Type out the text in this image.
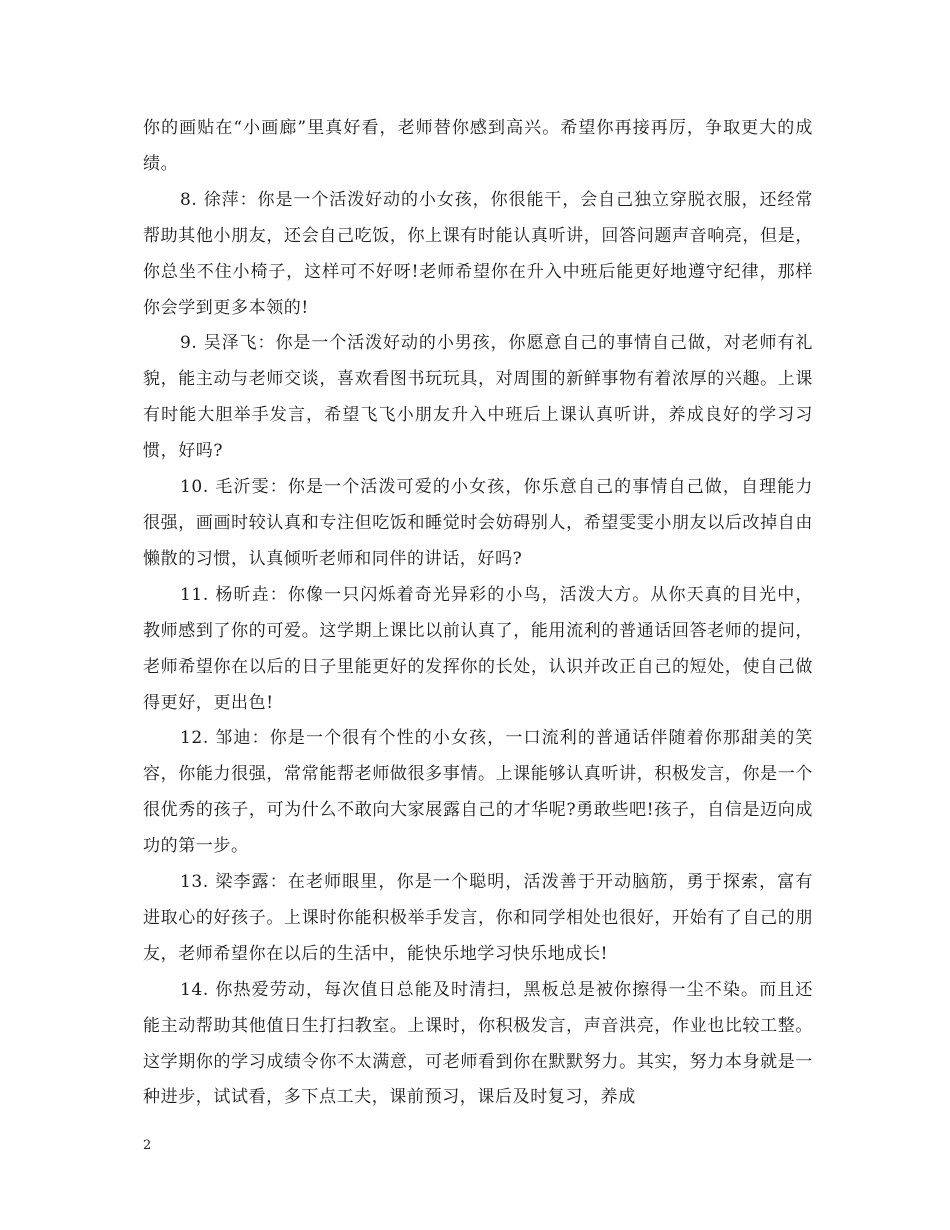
你的画贴在“小画廊”里真好看，老师替你感到高兴。希望你再接再厉，争取更大的成绩。

8. 徐萍：你是一个活泼好动的小女孩，你很能干，会自己独立穿脱衣服，还经常帮助其他小朋友，还会自己吃饭，你上课有时能认真听讲，回答问题声音响亮，但是，你总坐不住小椅子，这样可不好呀!老师希望你在升入中班后能更好地遵守纪律，那样你会学到更多本领的!

9. 吴泽飞：你是一个活泼好动的小男孩，你愿意自己的事情自己做，对老师有礼貌，能主动与老师交谈，喜欢看图书玩玩具，对周围的新鲜事物有着浓厚的兴趣。上课有时能大胆举手发言，希望飞飞小朋友升入中班后上课认真听讲，养成良好的学习习惯，好吗?

10. 毛沂雯：你是一个活泼可爱的小女孩，你乐意自己的事情自己做，自理能力很强，画画时较认真和专注但吃饭和睡觉时会妨碍别人，希望雯雯小朋友以后改掉自由懒散的习惯，认真倾听老师和同伴的讲话，好吗?

11. 杨昕垚：你像一只闪烁着奇光异彩的小鸟，活泼大方。从你天真的目光中，教师感到了你的可爱。这学期上课比以前认真了，能用流利的普通话回答老师的提问，老师希望你在以后的日子里能更好的发挥你的长处，认识并改正自己的短处，使自己做得更好，更出色!

12. 邹迪：你是一个很有个性的小女孩，一口流利的普通话伴随着你那甜美的笑容，你能力很强，常常能帮老师做很多事情。上课能够认真听讲，积极发言，你是一个很优秀的孩子，可为什么不敢向大家展露自己的才华呢?勇敢些吧!孩子，自信是迈向成功的第一步。

13. 梁李露：在老师眼里，你是一个聪明，活泼善于开动脑筋，勇于探索，富有进取心的好孩子。上课时你能积极举手发言，你和同学相处也很好，开始有了自己的朋友，老师希望你在以后的生活中，能快乐地学习快乐地成长!

14. 你热爱劳动，每次值日总能及时清扫，黑板总是被你擦得一尘不染。而且还能主动帮助其他值日生打扫教室。上课时，你积极发言，声音洪亮，作业也比较工整。这学期你的学习成绩令你不太满意，可老师看到你在默默努力。其实，努力本身就是一种进步，试试看，多下点工夫，课前预习，课后及时复习，养成

2
